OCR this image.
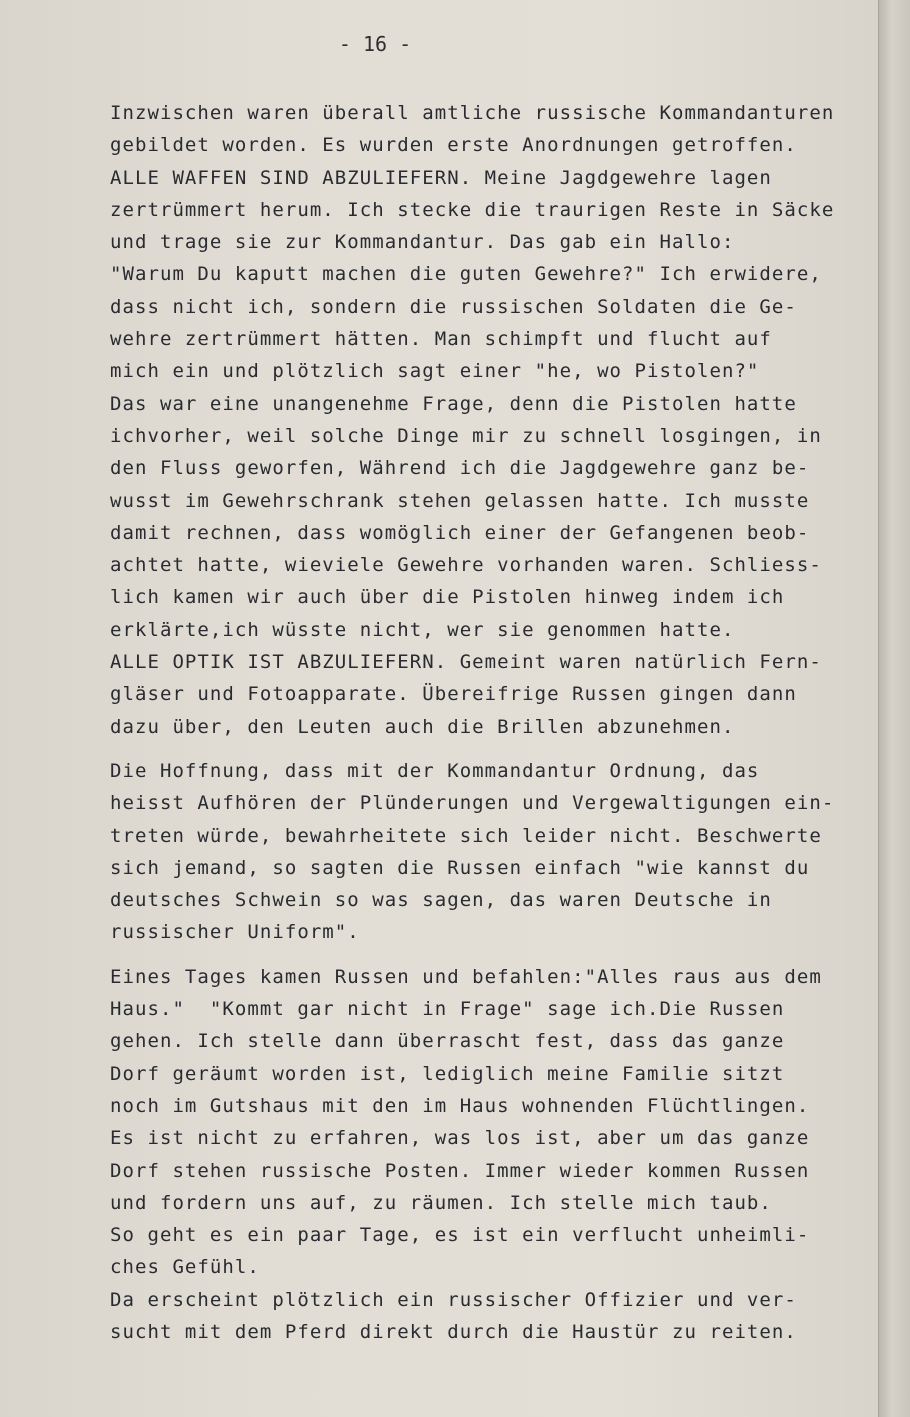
- 16 -
Inzwischen waren überall amtliche russische Kommandanturen
gebildet worden. Es wurden erste Anordnungen getroffen.
ALLE WAFFEN SIND ABZULIEFERN. Meine Jagdgewehre lagen
zertrümmert herum. Ich stecke die traurigen Reste in Säcke
und trage sie zur Kommandantur. Das gab ein Hallo:
"Warum Du kaputt machen die guten Gewehre?" Ich erwidere,
dass nicht ich, sondern die russischen Soldaten die Ge-
wehre zertrümmert hätten. Man schimpft und flucht auf
mich ein und plötzlich sagt einer "he, wo Pistolen?"
Das war eine unangenehme Frage, denn die Pistolen hatte
ichvorher, weil solche Dinge mir zu schnell losgingen, in
den Fluss geworfen, Während ich die Jagdgewehre ganz be-
wusst im Gewehrschrank stehen gelassen hatte. Ich musste
damit rechnen, dass womöglich einer der Gefangenen beob-
achtet hatte, wieviele Gewehre vorhanden waren. Schliess-
lich kamen wir auch über die Pistolen hinweg indem ich
erklärte,ich wüsste nicht, wer sie genommen hatte.
ALLE OPTIK IST ABZULIEFERN. Gemeint waren natürlich Fern-
gläser und Fotoapparate. Übereifrige Russen gingen dann
dazu über, den Leuten auch die Brillen abzunehmen.
Die Hoffnung, dass mit der Kommandantur Ordnung, das
heisst Aufhören der Plünderungen und Vergewaltigungen ein-
treten würde, bewahrheitete sich leider nicht. Beschwerte
sich jemand, so sagten die Russen einfach "wie kannst du
deutsches Schwein so was sagen, das waren Deutsche in
russischer Uniform".
Eines Tages kamen Russen und befahlen:"Alles raus aus dem
Haus."  "Kommt gar nicht in Frage" sage ich.Die Russen
gehen. Ich stelle dann überrascht fest, dass das ganze
Dorf geräumt worden ist, lediglich meine Familie sitzt
noch im Gutshaus mit den im Haus wohnenden Flüchtlingen.
Es ist nicht zu erfahren, was los ist, aber um das ganze
Dorf stehen russische Posten. Immer wieder kommen Russen
und fordern uns auf, zu räumen. Ich stelle mich taub.
So geht es ein paar Tage, es ist ein verflucht unheimli-
ches Gefühl.
Da erscheint plötzlich ein russischer Offizier und ver-
sucht mit dem Pferd direkt durch die Haustür zu reiten.
